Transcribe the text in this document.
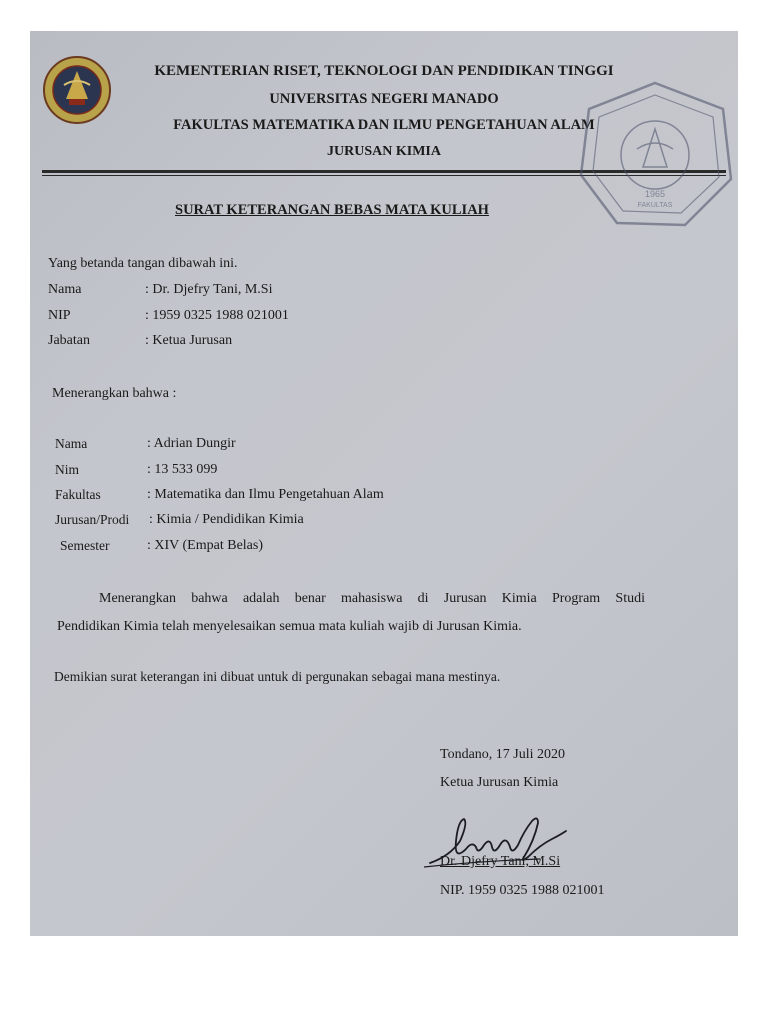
KEMENTERIAN RISET, TEKNOLOGI DAN PENDIDIKAN TINGGI
UNIVERSITAS NEGERI MANADO
FAKULTAS MATEMATIKA DAN ILMU PENGETAHUAN ALAM
JURUSAN KIMIA
1965
FAKULTAS
SURAT KETERANGAN BEBAS MATA KULIAH
Yang betanda tangan dibawah ini.
Nama	: Dr. Djefry Tani, M.Si
NIP	: 1959 0325 1988 021001
Jabatan	: Ketua Jurusan
Menerangkan bahwa :
Nama	: Adrian Dungir
Nim	: 13 533 099
Fakultas	: Matematika dan Ilmu Pengetahuan Alam
Jurusan/Prodi : Kimia / Pendidikan Kimia
Semester	: XIV (Empat Belas)
Menerangkan bahwa adalah benar mahasiswa di Jurusan Kimia Program Studi
Pendidikan Kimia telah menyelesaikan semua mata kuliah wajib di Jurusan Kimia.
Demikian surat keterangan ini dibuat untuk di pergunakan sebagai mana mestinya.
Tondano, 17 Juli 2020
Ketua Jurusan Kimia
Dr. Djefry Tani, M.Si
NIP. 1959 0325 1988 021001
